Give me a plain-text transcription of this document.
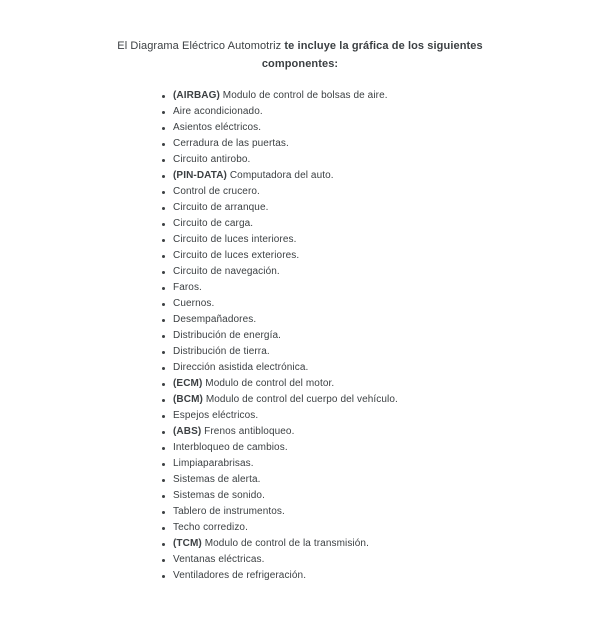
El Diagrama Eléctrico Automotriz te incluye la gráfica de los siguientes
componentes:

(AIRBAG) Modulo de control de bolsas de aire.
Aire acondicionado.
Asientos eléctricos.
Cerradura de las puertas.
Circuito antirobo.
(PIN-DATA) Computadora del auto.
Control de crucero.
Circuito de arranque.
Circuito de carga.
Circuito de luces interiores.
Circuito de luces exteriores.
Circuito de navegación.
Faros.
Cuernos.
Desempañadores.
Distribución de energía.
Distribución de tierra.
Dirección asistida electrónica.
(ECM) Modulo de control del motor.
(BCM) Modulo de control del cuerpo del vehículo.
Espejos eléctricos.
(ABS) Frenos antibloqueo.
Interbloqueo de cambios.
Limpiaparabrisas.
Sistemas de alerta.
Sistemas de sonido.
Tablero de instrumentos.
Techo corredizo.
(TCM) Modulo de control de la transmisión.
Ventanas eléctricas.
Ventiladores de refrigeración.
